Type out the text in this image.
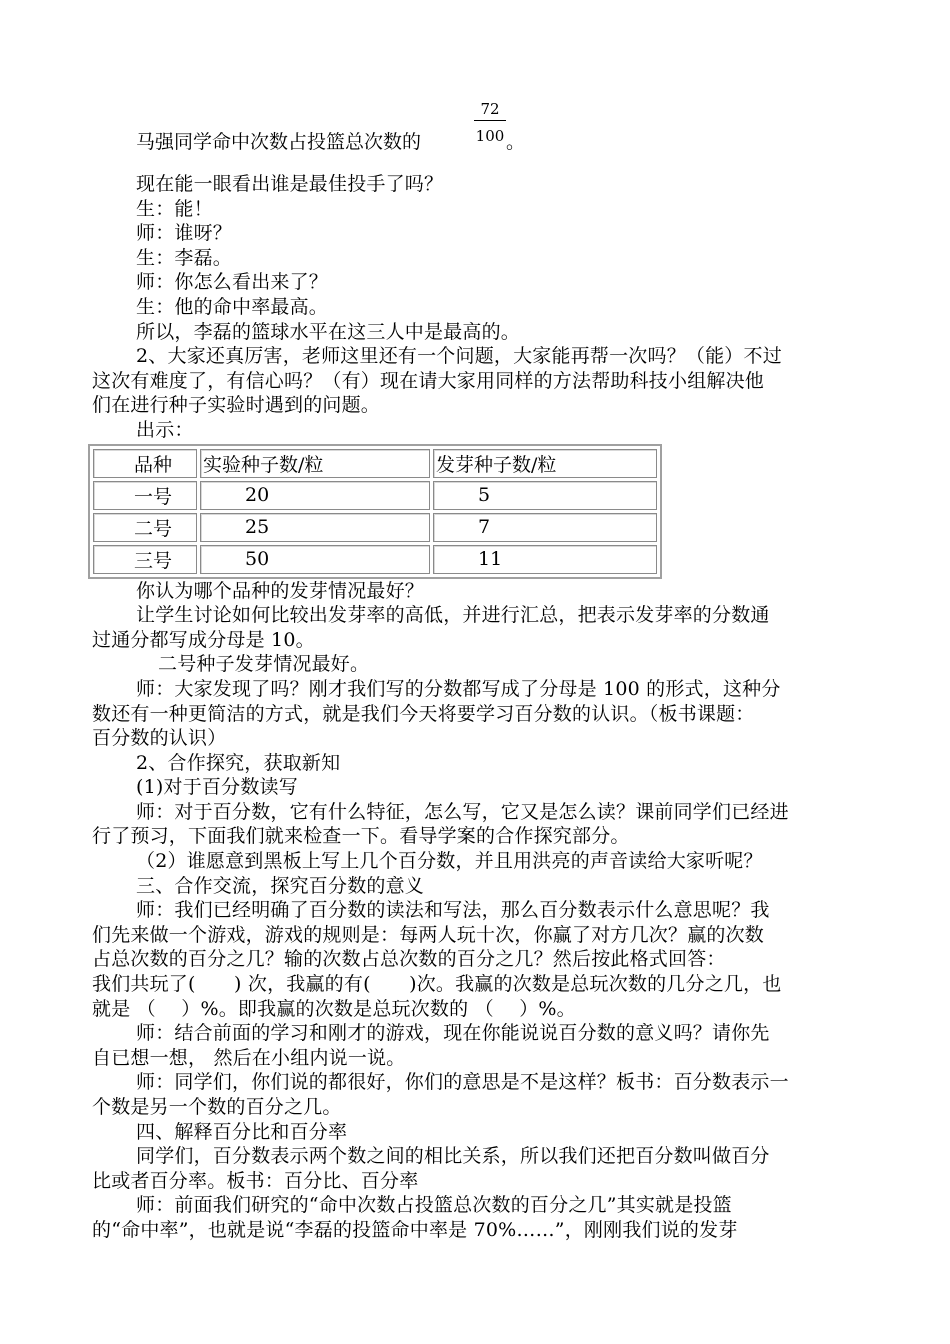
马强同学命中次数占投篮总次数的	$\frac{72}{100}$ 。

现在能一眼看出谁是最佳投手了吗？

生：能！

师：谁呀？

生：李磊。

师：你怎么看出来了？

生：他的命中率最高。

所以，李磊的篮球水平在这三人中是最高的。

2、大家还真厉害，老师这里还有一个问题，大家能再帮一次吗？（能）不过

这次有难度了，有信心吗？（有）现在请大家用同样的方法帮助科技小组解决他

们在进行种子实验时遇到的问题。

出示：

品种	实验种子数/粒	发芽种子数/粒
一号	20	5
二号	25	7
三号	50	11

你认为哪个品种的发芽情况最好？

让学生讨论如何比较出发芽率的高低，并进行汇总，把表示发芽率的分数通

过通分都写成分母是 10。

二号种子发芽情况最好。

师：大家发现了吗？刚才我们写的分数都写成了分母是 100 的形式，这种分

数还有一种更简洁的方式，就是我们今天将要学习百分数的认识。（板书课题：

百分数的认识）

2、合作探究，获取新知

(1)对于百分数读写

师：对于百分数，它有什么特征，怎么写，它又是怎么读？课前同学们已经进

行了预习，下面我们就来检查一下。看导学案的合作探究部分。

（2）谁愿意到黑板上写上几个百分数，并且用洪亮的声音读给大家听呢？

三、合作交流，探究百分数的意义

师：我们已经明确了百分数的读法和写法，那么百分数表示什么意思呢？我

们先来做一个游戏，游戏的规则是：每两人玩十次，你赢了对方几次？赢的次数

占总次数的百分之几？输的次数占总次数的百分之几？然后按此格式回答：

我们共玩了(　　) 次，我赢的有(　　)次。我赢的次数是总玩次数的几分之几，也

就是 （　 ）%。即我赢的次数是总玩次数的 （　 ）%。

师：结合前面的学习和刚才的游戏，现在你能说说百分数的意义吗？请你先

自已想一想， 然后在小组内说一说。

师：同学们，你们说的都很好，你们的意思是不是这样？板书：百分数表示一

个数是另一个数的百分之几。

四、解释百分比和百分率

同学们，百分数表示两个数之间的相比关系，所以我们还把百分数叫做百分

比或者百分率。板书：百分比、百分率

师：前面我们研究的“命中次数占投篮总次数的百分之几”其实就是投篮

的“命中率”，也就是说“李磊的投篮命中率是 70%……”，刚刚我们说的发芽
